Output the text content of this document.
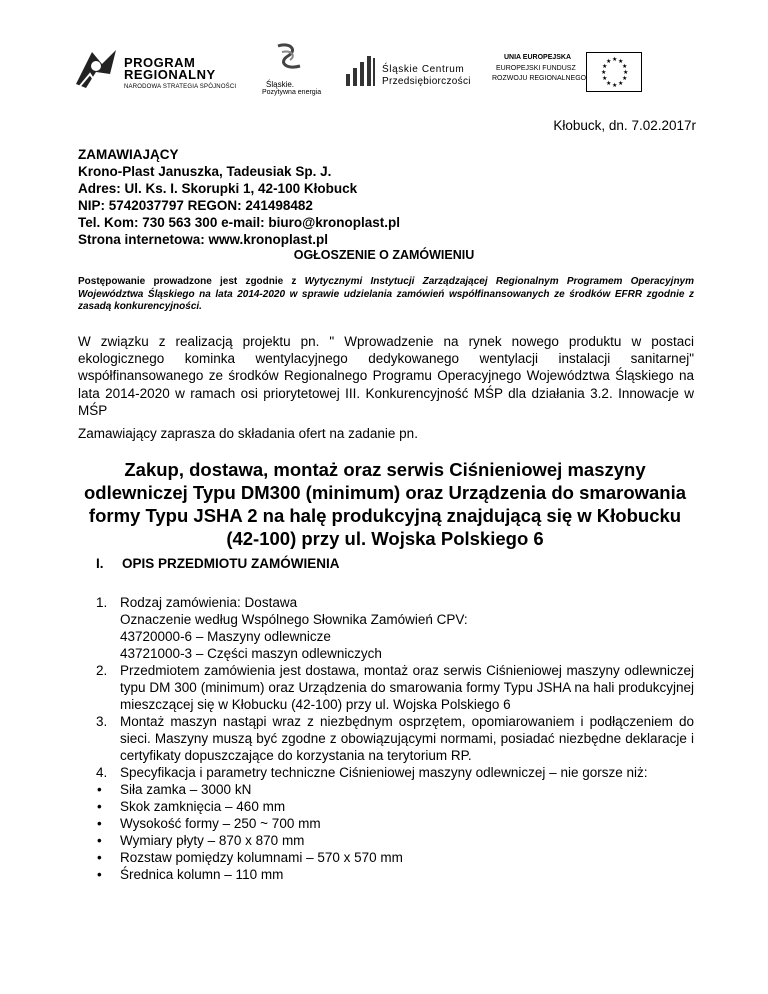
PROGRAM
REGIONALNY
NARODOWA STRATEGIA SPÓJNOŚCI	Śląskie.
Pozytywna energia
Śląskie Centrum
Przedsiębiorczości
UNIA EUROPEJSKA
EUROPEJSKI FUNDUSZ
ROZWOJU REGIONALNEGO
★ ★
★
★
★
★
★
★
★
★
★
★
Kłobuck, dn. 7.02.2017r
ZAMAWIAJĄCY
Krono-Plast Januszka, Tadeusiak Sp. J.
Adres: Ul. Ks. I. Skorupki 1, 42-100 Kłobuck
NIP: 5742037797 REGON: 241498482
Tel. Kom: 730 563 300 e-mail: biuro@kronoplast.pl
Strona internetowa: www.kronoplast.pl
OGŁOSZENIE O ZAMÓWIENIU
Postępowanie prowadzone jest zgodnie z Wytycznymi Instytucji Zarządzającej Regionalnym Programem Operacyjnym Województwa Śląskiego na lata 2014-2020 w sprawie udzielania zamówień współfinansowanych ze środków EFRR zgodnie z zasadą konkurencyjności.
W związku z realizacją projektu pn. " Wprowadzenie na rynek nowego produktu w postaci ekologicznego kominka wentylacyjnego dedykowanego wentylacji instalacji sanitarnej" współfinansowanego ze środków Regionalnego Programu Operacyjnego Województwa Śląskiego na lata 2014-2020 w ramach osi priorytetowej III. Konkurencyjność MŚP dla działania 3.2. Innowacje w MŚP
Zamawiający zaprasza do składania ofert na zadanie pn.
Zakup, dostawa, montaż oraz serwis Ciśnieniowej maszyny odlewniczej Typu DM300 (minimum) oraz Urządzenia do smarowania formy Typu JSHA 2 na halę produkcyjną znajdującą się w Kłobucku (42-100) przy ul. Wojska Polskiego 6
I. OPIS PRZEDMIOTU ZAMÓWIENIA
1. Rodzaj zamówienia: Dostawa
Oznaczenie według Wspólnego Słownika Zamówień CPV:
43720000-6 – Maszyny odlewnicze
43721000-3 – Części maszyn odlewniczych
2. Przedmiotem zamówienia jest dostawa, montaż oraz serwis Ciśnieniowej maszyny odlewniczej typu DM 300 (minimum) oraz Urządzenia do smarowania formy Typu JSHA na hali produkcyjnej mieszczącej się w Kłobucku (42-100) przy ul. Wojska Polskiego 6
3. Montaż maszyn nastąpi wraz z niezbędnym osprzętem, opomiarowaniem i podłączeniem do sieci. Maszyny muszą być zgodne z obowiązującymi normami, posiadać niezbędne deklaracje i certyfikaty dopuszczające do korzystania na terytorium RP.
4. Specyfikacja i parametry techniczne Ciśnieniowej maszyny odlewniczej – nie gorsze niż:
• Siła zamka – 3000 kN
• Skok zamknięcia – 460 mm
• Wysokość formy – 250 ~ 700 mm
• Wymiary płyty – 870 x 870 mm
• Rozstaw pomiędzy kolumnami – 570 x 570 mm
• Średnica kolumn – 110 mm
